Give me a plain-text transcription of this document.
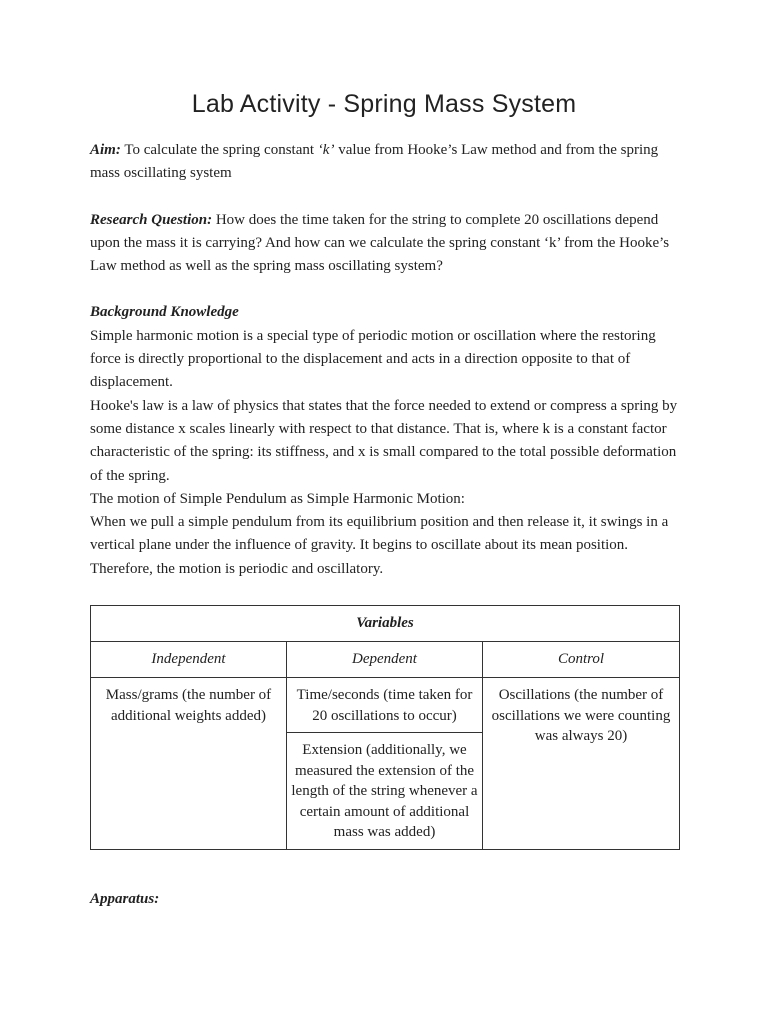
Lab Activity - Spring Mass System

Aim: To calculate the spring constant ‘k’ value from Hooke’s Law method and from the spring mass oscillating system

Research Question: How does the time taken for the string to complete 20 oscillations depend upon the mass it is carrying? And how can we calculate the spring constant ‘k’ from the Hooke’s Law method as well as the spring mass oscillating system?

Background Knowledge

Simple harmonic motion is a special type of periodic motion or oscillation where the restoring force is directly proportional to the displacement and acts in a direction opposite to that of displacement.

Hooke's law is a law of physics that states that the force needed to extend or compress a spring by some distance x scales linearly with respect to that distance. That is, where k is a constant factor characteristic of the spring: its stiffness, and x is small compared to the total possible deformation of the spring.

The motion of Simple Pendulum as Simple Harmonic Motion:

When we pull a simple pendulum from its equilibrium position and then release it, it swings in a vertical plane under the influence of gravity. It begins to oscillate about its mean position. Therefore, the motion is periodic and oscillatory.

Variables		
Independent	Dependent	Control
Mass/grams (the number of additional weights added)	Time/seconds (time taken for 20 oscillations to occur)	Oscillations (the number of oscillations we were counting was always 20)
	Extension (additionally, we measured the extension of the length of the string whenever a certain amount of additional mass was added)	
Apparatus:
